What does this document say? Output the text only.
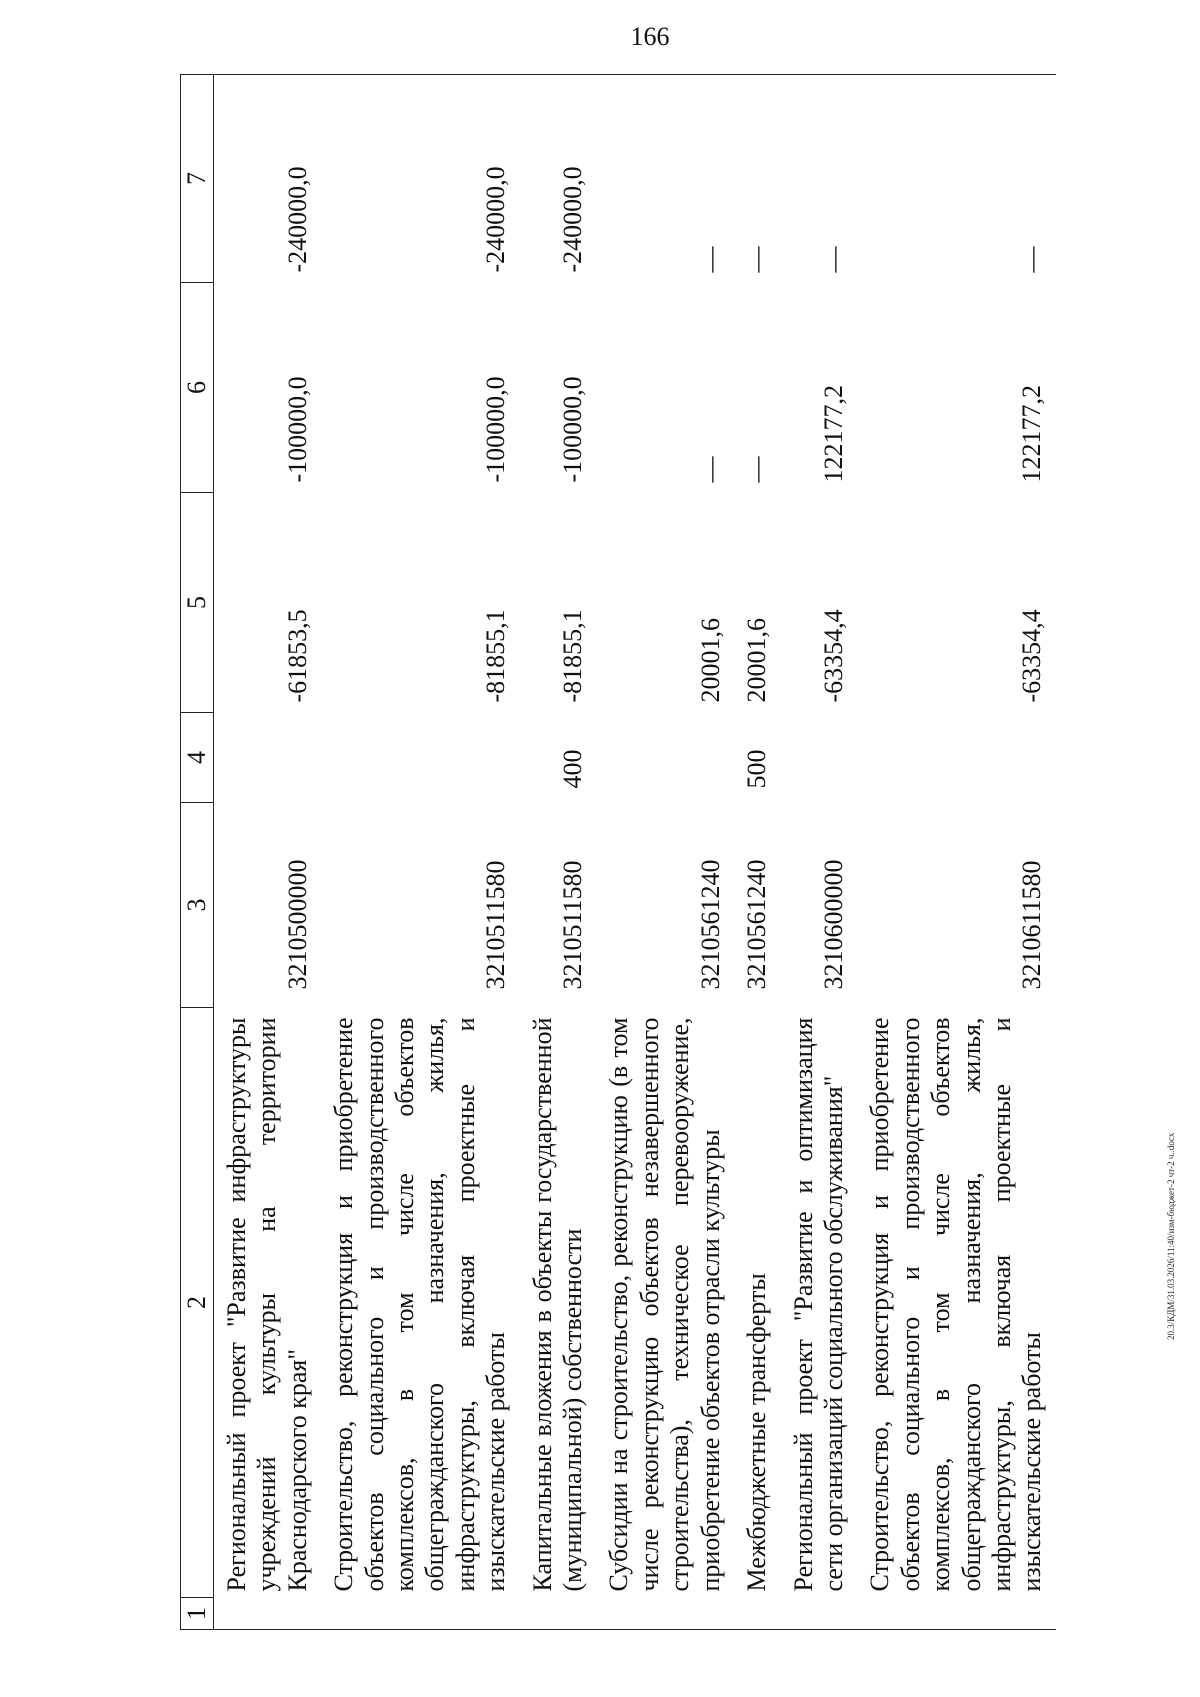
166
1	2	3	4	5	6	7
	Региональный проект "Развитие инфраструктуры учреждений культуры на территории Краснодарского края"	3210500000		-61853,5	-100000,0	-240000,0
	Строительство, реконструкция и приобретение объектов социального и производственного комплексов, в том числе объектов общегражданского назначения, жилья, инфраструктуры, включая проектные и изыскательские работы	3210511580		-81855,1	-100000,0	-240000,0
	Капитальные вложения в объекты государственной (муниципальной) собственности	3210511580	400	-81855,1	-100000,0	-240000,0
	Субсидии на строительство, реконструкцию (в том числе реконструкцию объектов незавершенного строительства), техническое перевооружение, приобретение объектов отрасли культуры	3210561240		20001,6	—	—
	Межбюджетные трансферты	3210561240	500	20001,6	—	—
	Региональный проект "Развитие и оптимизация сети организаций социального обслуживания"	3210600000		-63354,4	122177,2	—
	Строительство, реконструкция и приобретение объектов социального и производственного комплексов, в том числе объектов общегражданского назначения, жилья, инфраструктуры, включая проектные и изыскательские работы	3210611580		-63354,4	122177,2	—
20.3/КДМ/31.03.2026/11:40/изм-бюджет-2 чт-2 ч..docx
